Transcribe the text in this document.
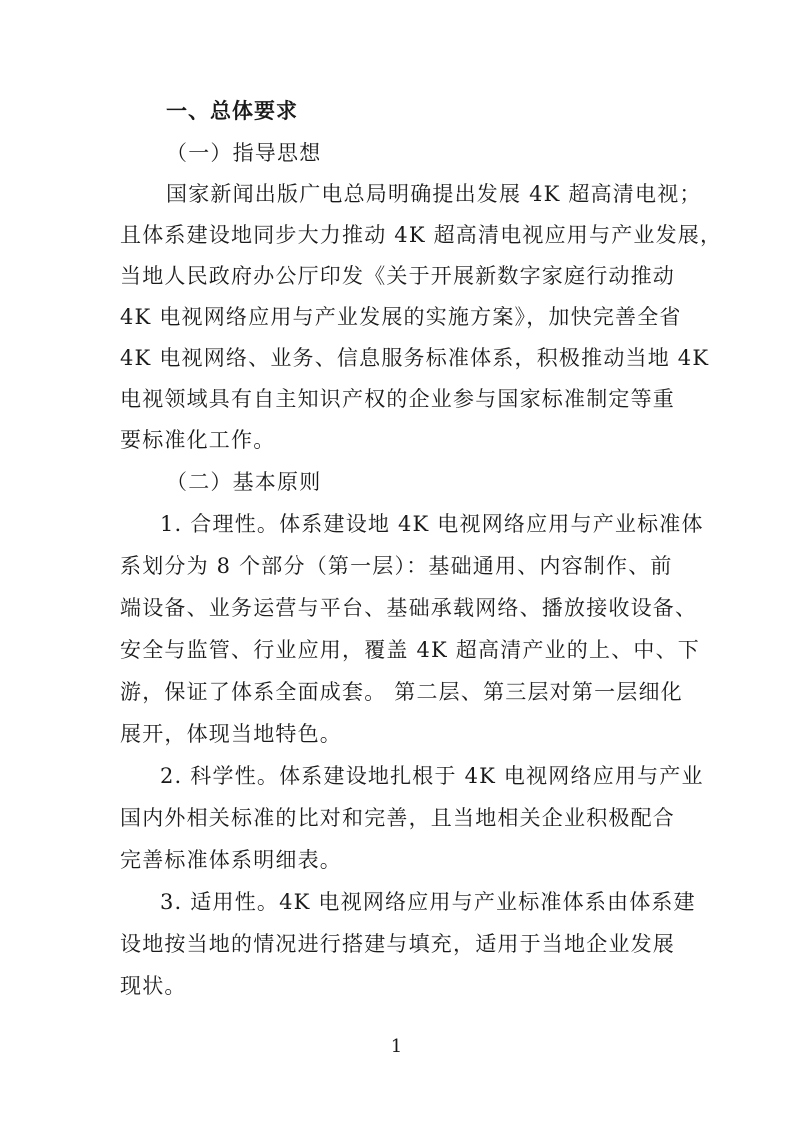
一、总体要求
（一）指导思想
国家新闻出版广电总局明确提出发展 4K 超高清电视；
且体系建设地同步大力推动 4K 超高清电视应用与产业发展，
当地人民政府办公厅印发《关于开展新数字家庭行动推动
4K 电视网络应用与产业发展的实施方案》，加快完善全省
4K 电视网络、业务、信息服务标准体系，积极推动当地 4K
电视领域具有自主知识产权的企业参与国家标准制定等重
要标准化工作。
（二）基本原则
1. 合理性。体系建设地 4K 电视网络应用与产业标准体
系划分为 8 个部分（第一层）：基础通用、内容制作、前
端设备、业务运营与平台、基础承载网络、播放接收设备、
安全与监管、行业应用，覆盖 4K 超高清产业的上、中、下
游，保证了体系全面成套。 第二层、第三层对第一层细化
展开，体现当地特色。
2. 科学性。体系建设地扎根于 4K 电视网络应用与产业
国内外相关标准的比对和完善，且当地相关企业积极配合
完善标准体系明细表。
3. 适用性。4K 电视网络应用与产业标准体系由体系建
设地按当地的情况进行搭建与填充，适用于当地企业发展
现状。
1
